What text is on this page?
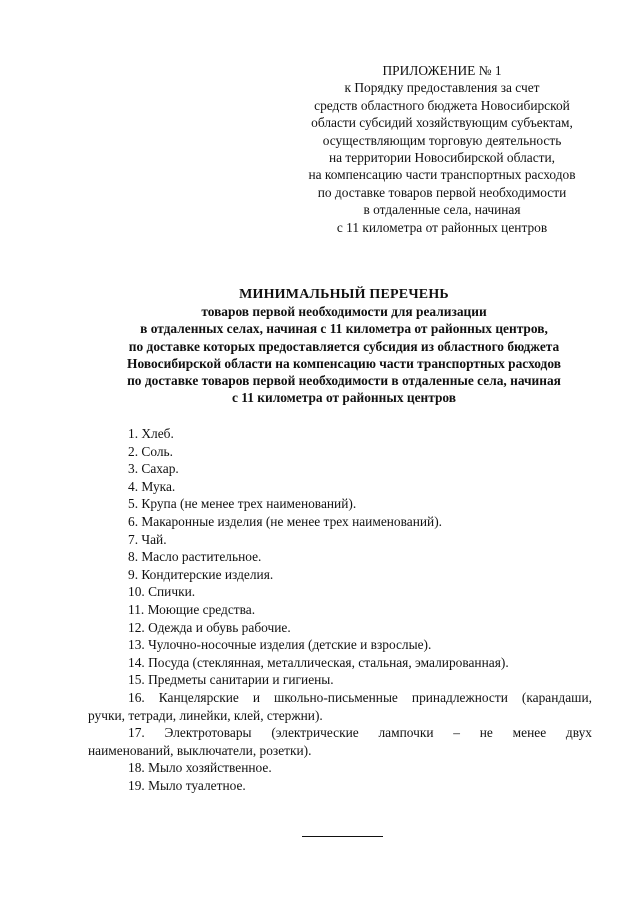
ПРИЛОЖЕНИЕ № 1
к Порядку предоставления за счет
средств областного бюджета Новосибирской
области субсидий хозяйствующим субъектам,
осуществляющим торговую деятельность
на территории Новосибирской области,
на компенсацию части транспортных расходов
по доставке товаров первой необходимости
в отдаленные села, начиная
с 11 километра от районных центров
МИНИМАЛЬНЫЙ ПЕРЕЧЕНЬ
товаров первой необходимости для реализации
в отдаленных селах, начиная с 11 километра от районных центров,
по доставке которых предоставляется субсидия из областного бюджета
Новосибирской области на компенсацию части транспортных расходов
по доставке товаров первой необходимости в отдаленные села, начиная
с 11 километра от районных центров
1. Хлеб.
2. Соль.
3. Сахар.
4. Мука.
5. Крупа (не менее трех наименований).
6. Макаронные изделия (не менее трех наименований).
7. Чай.
8. Масло растительное.
9. Кондитерские изделия.
10. Спички.
11. Моющие средства.
12. Одежда и обувь рабочие.
13. Чулочно-носочные изделия (детские и взрослые).
14. Посуда (стеклянная, металлическая, стальная, эмалированная).
15. Предметы санитарии и гигиены.
16. Канцелярские и школьно-письменные принадлежности (карандаши,
ручки, тетради, линейки, клей, стержни).
17. Электротовары (электрические лампочки – не менее двух
наименований, выключатели, розетки).
18. Мыло хозяйственное.
19. Мыло туалетное.
